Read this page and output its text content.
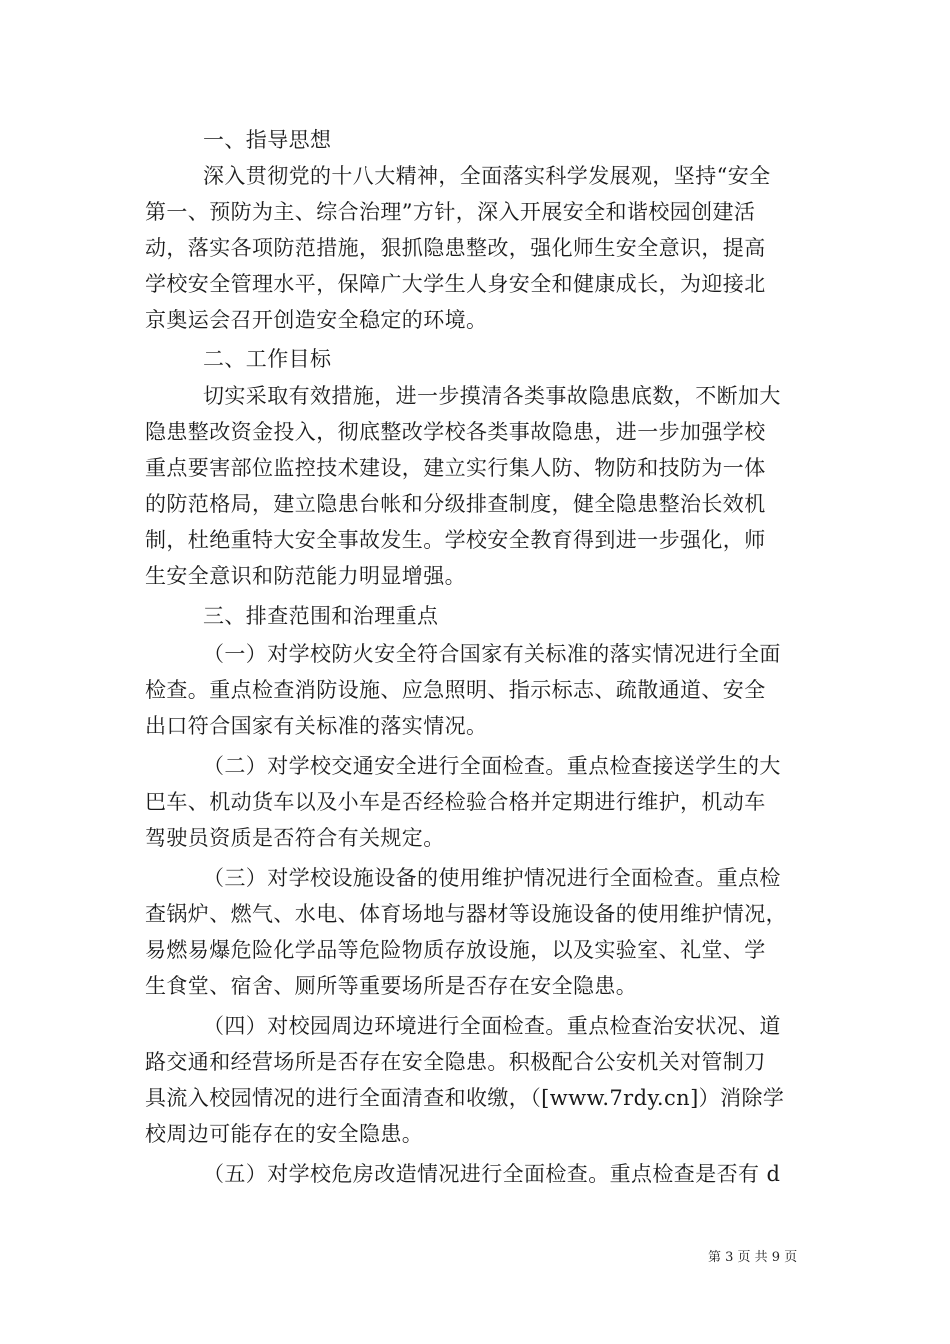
一、指导思想
深入贯彻党的十八大精神，全面落实科学发展观，坚持“安全
第一、预防为主、综合治理”方针，深入开展安全和谐校园创建活
动，落实各项防范措施，狠抓隐患整改，强化师生安全意识，提高
学校安全管理水平，保障广大学生人身安全和健康成长，为迎接北
京奥运会召开创造安全稳定的环境。
二、工作目标
切实采取有效措施，进一步摸清各类事故隐患底数，不断加大
隐患整改资金投入，彻底整改学校各类事故隐患，进一步加强学校
重点要害部位监控技术建设，建立实行集人防、物防和技防为一体
的防范格局，建立隐患台帐和分级排查制度，健全隐患整治长效机
制，杜绝重特大安全事故发生。学校安全教育得到进一步强化，师
生安全意识和防范能力明显增强。
三、排查范围和治理重点
（一）对学校防火安全符合国家有关标准的落实情况进行全面
检查。重点检查消防设施、应急照明、指示标志、疏散通道、安全
出口符合国家有关标准的落实情况。
（二）对学校交通安全进行全面检查。重点检查接送学生的大
巴车、机动货车以及小车是否经检验合格并定期进行维护，机动车
驾驶员资质是否符合有关规定。
（三）对学校设施设备的使用维护情况进行全面检查。重点检
查锅炉、燃气、水电、体育场地与器材等设施设备的使用维护情况，
易燃易爆危险化学品等危险物质存放设施，以及实验室、礼堂、学
生食堂、宿舍、厕所等重要场所是否存在安全隐患。
（四）对校园周边环境进行全面检查。重点检查治安状况、道
路交通和经营场所是否存在安全隐患。积极配合公安机关对管制刀
具流入校园情况的进行全面清查和收缴，（[www.7rdy.cn]）消除学
校周边可能存在的安全隐患。
（五）对学校危房改造情况进行全面检查。重点检查是否有 d
第 3 页 共 9 页
